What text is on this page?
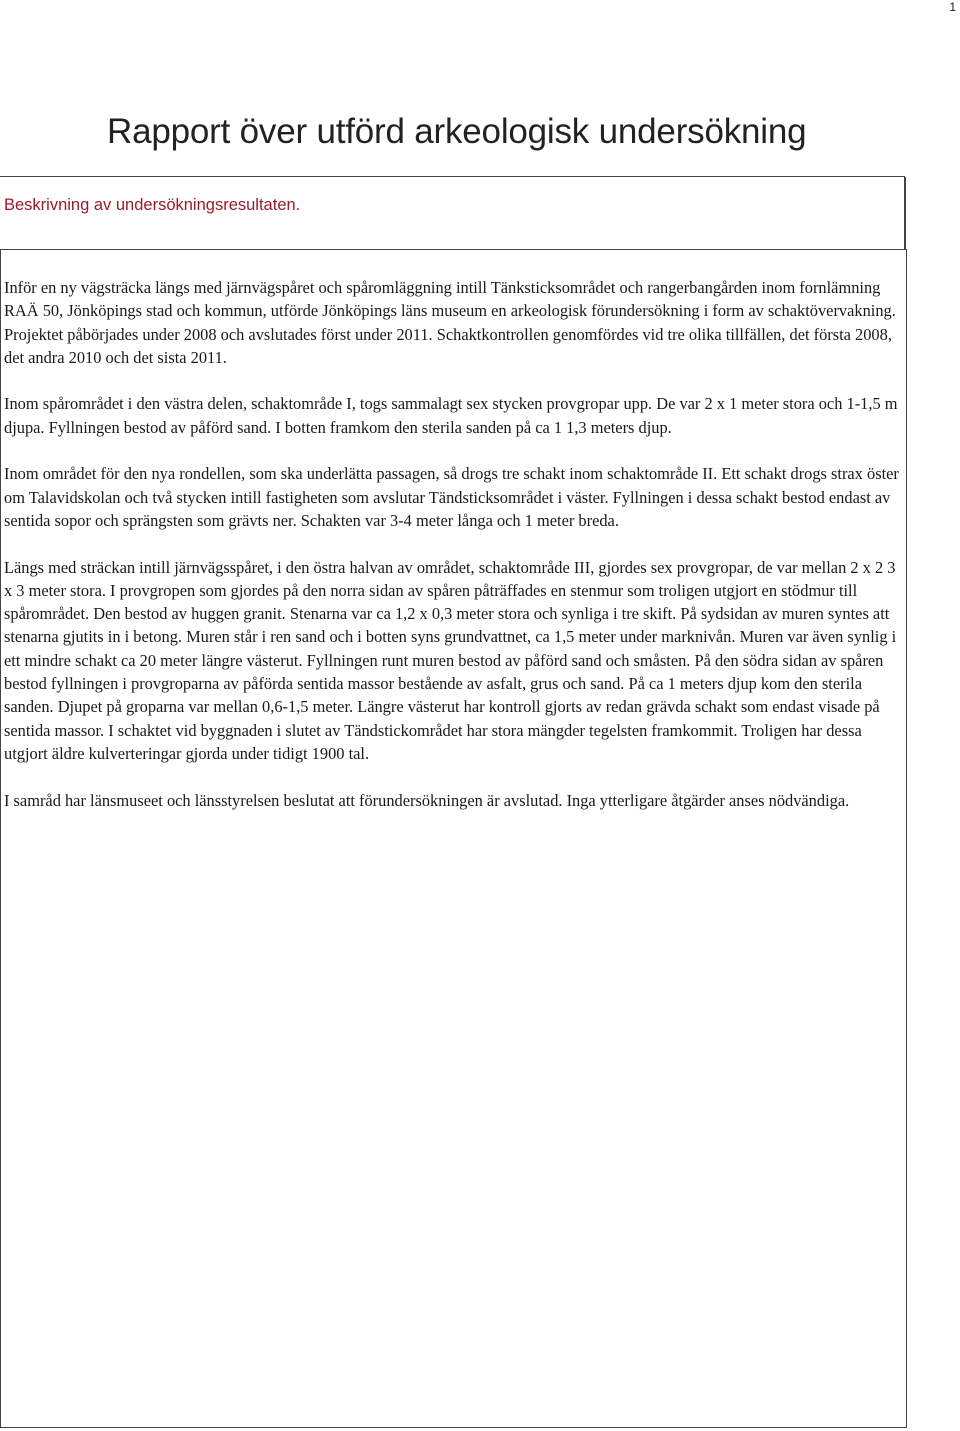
1
Rapport över utförd arkeologisk undersökning
Beskrivning av undersökningsresultaten.

Inför en ny vägsträcka längs med järnvägspåret och spåromläggning intill Tänksticksområdet och rangerbangården inom fornlämning RAÄ 50, Jönköpings stad och kommun, utförde Jönköpings läns museum en arkeologisk förundersökning i form av schaktövervakning. Projektet påbörjades under 2008 och avslutades först under 2011. Schaktkontrollen genomfördes vid tre olika tillfällen, det första 2008, det andra 2010 och det sista 2011.

Inom spårområdet i den västra delen, schaktområde I, togs sammalagt sex stycken provgropar upp. De var 2 x 1 meter stora och 1-1,5 m djupa. Fyllningen bestod av påförd sand. I botten framkom den sterila sanden på ca 1 1,3 meters djup.

Inom området för den nya rondellen, som ska underlätta passagen, så drogs tre schakt inom schaktområde II. Ett schakt drogs strax öster om Talavidskolan och två stycken intill fastigheten som avslutar Tändsticksområdet i väster. Fyllningen i dessa schakt bestod endast av sentida sopor och sprängsten som grävts ner. Schakten var 3-4 meter långa och 1 meter breda.

Längs med sträckan intill järnvägsspåret, i den östra halvan av området, schaktområde III, gjordes sex provgropar, de var mellan 2 x 2 3 x 3 meter stora. I provgropen som gjordes på den norra sidan av spåren påträffades en stenmur som troligen utgjort en stödmur till spårområdet. Den bestod av huggen granit. Stenarna var ca 1,2 x 0,3 meter stora och synliga i tre skift. På sydsidan av muren syntes att stenarna gjutits in i betong. Muren står i ren sand och i botten syns grundvattnet, ca 1,5 meter under marknivån. Muren var även synlig i ett mindre schakt ca 20 meter längre västerut. Fyllningen runt muren bestod av påförd sand och småsten. På den södra sidan av spåren bestod fyllningen i provgroparna av påförda sentida massor bestående av asfalt, grus och sand. På ca 1 meters djup kom den sterila sanden. Djupet på groparna var mellan 0,6-1,5 meter. Längre västerut har kontroll gjorts av redan grävda schakt som endast visade på sentida massor. I schaktet vid byggnaden i slutet av Tändstickområdet har stora mängder tegelsten framkommit. Troligen har dessa utgjort äldre kulverteringar gjorda under tidigt 1900 tal.

I samråd har länsmuseet och länsstyrelsen beslutat att förundersökningen är avslutad. Inga ytterligare åtgärder anses nödvändiga.
